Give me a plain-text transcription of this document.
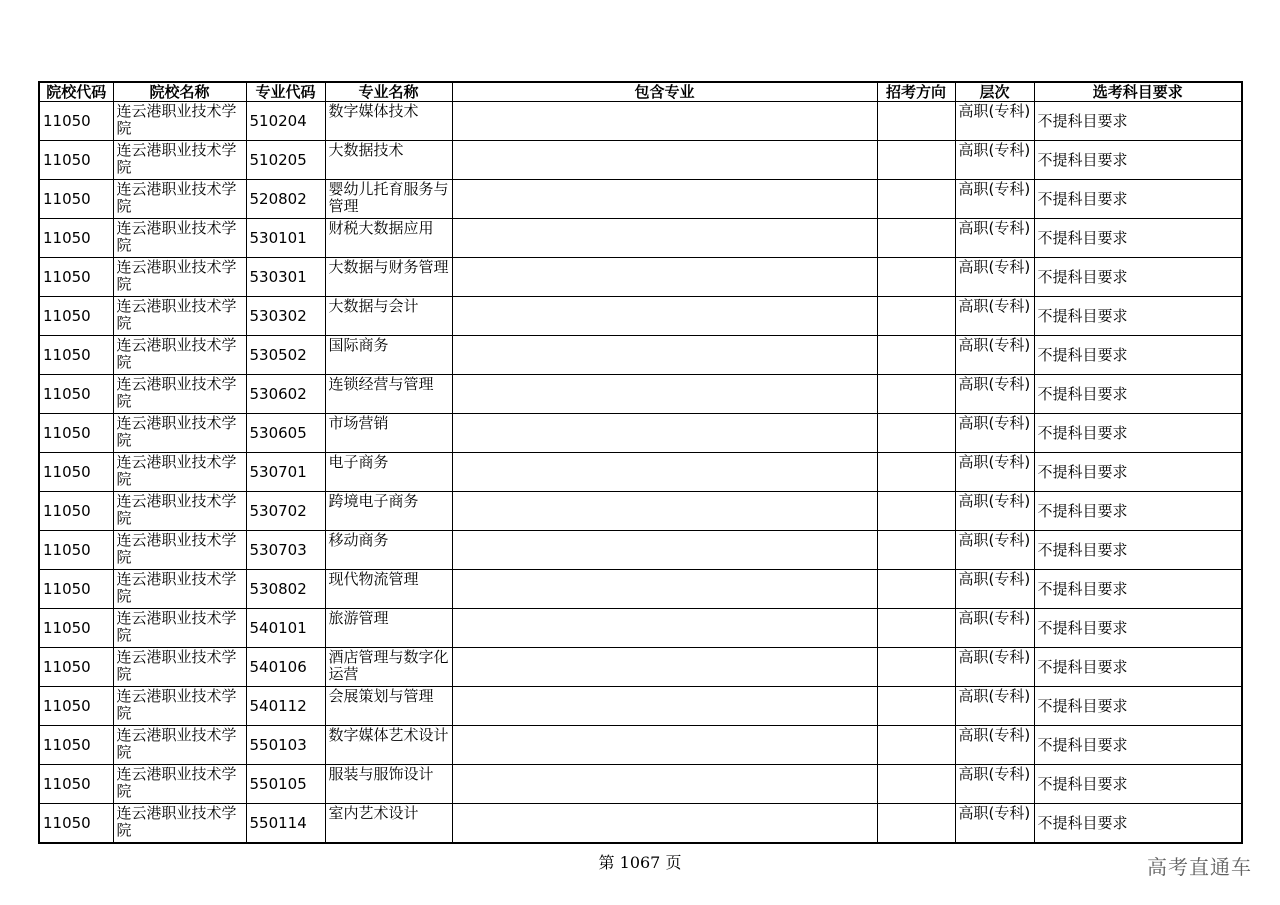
院校代码	院校名称	专业代码	专业名称	包含专业	招考方向	层次	选考科目要求
11050	连云港职业技术学院	510204	数字媒体技术			高职(专科)	不提科目要求
11050	连云港职业技术学院	510205	大数据技术			高职(专科)	不提科目要求
11050	连云港职业技术学院	520802	婴幼儿托育服务与管理			高职(专科)	不提科目要求
11050	连云港职业技术学院	530101	财税大数据应用			高职(专科)	不提科目要求
11050	连云港职业技术学院	530301	大数据与财务管理			高职(专科)	不提科目要求
11050	连云港职业技术学院	530302	大数据与会计			高职(专科)	不提科目要求
11050	连云港职业技术学院	530502	国际商务			高职(专科)	不提科目要求
11050	连云港职业技术学院	530602	连锁经营与管理			高职(专科)	不提科目要求
11050	连云港职业技术学院	530605	市场营销			高职(专科)	不提科目要求
11050	连云港职业技术学院	530701	电子商务			高职(专科)	不提科目要求
11050	连云港职业技术学院	530702	跨境电子商务			高职(专科)	不提科目要求
11050	连云港职业技术学院	530703	移动商务			高职(专科)	不提科目要求
11050	连云港职业技术学院	530802	现代物流管理			高职(专科)	不提科目要求
11050	连云港职业技术学院	540101	旅游管理			高职(专科)	不提科目要求
11050	连云港职业技术学院	540106	酒店管理与数字化运营			高职(专科)	不提科目要求
11050	连云港职业技术学院	540112	会展策划与管理			高职(专科)	不提科目要求
11050	连云港职业技术学院	550103	数字媒体艺术设计			高职(专科)	不提科目要求
11050	连云港职业技术学院	550105	服装与服饰设计			高职(专科)	不提科目要求
11050	连云港职业技术学院	550114	室内艺术设计			高职(专科)	不提科目要求
第 1067 页	高考直通车
